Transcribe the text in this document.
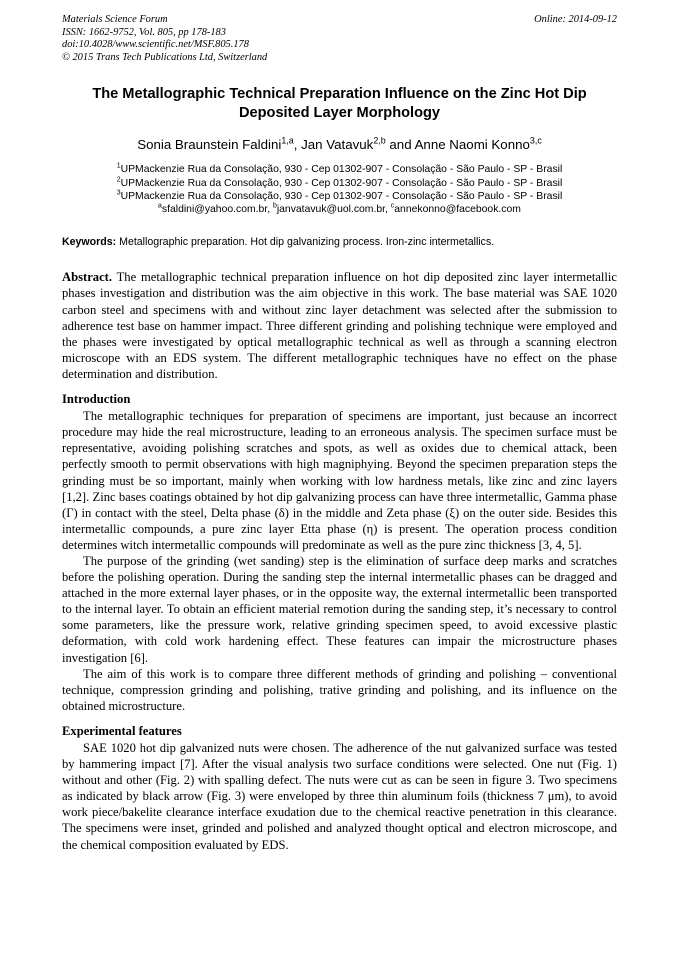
Materials Science Forum
ISSN: 1662-9752, Vol. 805, pp 178-183
doi:10.4028/www.scientific.net/MSF.805.178
© 2015 Trans Tech Publications Ltd, Switzerland
Online: 2014-09-12
The Metallographic Technical Preparation Influence on the Zinc Hot Dip Deposited Layer Morphology
Sonia Braunstein Faldini$^{1,a}$, Jan Vatavuk$^{2,b}$ and Anne Naomi Konno$^{3,c}$
$^1$UPMackenzie Rua da Consolação, 930 - Cep 01302-907 - Consolação - São Paulo - SP - Brasil
$^2$UPMackenzie Rua da Consolação, 930 - Cep 01302-907 - Consolação - São Paulo - SP - Brasil
$^3$UPMackenzie Rua da Consolação, 930 - Cep 01302-907 - Consolação - São Paulo - SP - Brasil
$^a$sfaldini@yahoo.com.br, $^b$janvatavuk@uol.com.br, $^c$annekonno@facebook.com
Keywords: Metallographic preparation. Hot dip galvanizing process. Iron-zinc intermetallics.
Abstract. The metallographic technical preparation influence on hot dip deposited zinc layer intermetallic phases investigation and distribution was the aim objective in this work. The base material was SAE 1020 carbon steel and specimens with and without zinc layer detachment was selected after the submission to adherence test base on hammer impact. Three different grinding and polishing technique were employed and the phases were investigated by optical metallographic technical as well as through a scanning electron microscope with an EDS system. The different metallographic techniques have no effect on the phase determination and distribution.
Introduction

The metallographic techniques for preparation of specimens are important, just because an incorrect procedure may hide the real microstructure, leading to an erroneous analysis. The specimen surface must be representative, avoiding polishing scratches and spots, as well as oxides due to chemical attack, been perfectly smooth to permit observations with high magniphying. Beyond the specimen preparation steps the grinding must be so important, mainly when working with low hardness metals, like zinc and zinc layers [1,2]. Zinc bases coatings obtained by hot dip galvanizing process can have three intermetallic, Gamma phase (Γ) in contact with the steel, Delta phase (δ) in the middle and Zeta phase (ξ) on the outer side. Besides this intermetallic compounds, a pure zinc layer Etta phase (η) is present. The operation process condition determines witch intermetallic compounds will predominate as well as the pure zinc thickness [3, 4, 5].

The purpose of the grinding (wet sanding) step is the elimination of surface deep marks and scratches before the polishing operation. During the sanding step the internal intermetallic phases can be dragged and attached in the more external layer phases, or in the opposite way, the external intermetallic been transported to the internal layer. To obtain an efficient material remotion during the sanding step, it’s necessary to control some parameters, like the pressure work, relative grinding specimen speed, to avoid excessive plastic deformation, with cold work hardening effect. These features can impair the microstructure phases investigation [6].

The aim of this work is to compare three different methods of grinding and polishing – conventional technique, compression grinding and polishing, trative grinding and polishing, and its influence on the obtained microstructure.

Experimental features

SAE 1020 hot dip galvanized nuts were chosen. The adherence of the nut galvanized surface was tested by hammering impact [7]. After the visual analysis two surface conditions were selected. One nut (Fig. 1) without and other (Fig. 2) with spalling defect. The nuts were cut as can be seen in figure 3. Two specimens as indicated by black arrow (Fig. 3) were enveloped by three thin aluminum foils (thickness 7 μm), to avoid work piece/bakelite clearance interface exudation due to the chemical reactive penetration in this clearance. The specimens were inset, grinded and polished and analyzed thought optical and electron microscope, and the chemical composition evaluated by EDS.
